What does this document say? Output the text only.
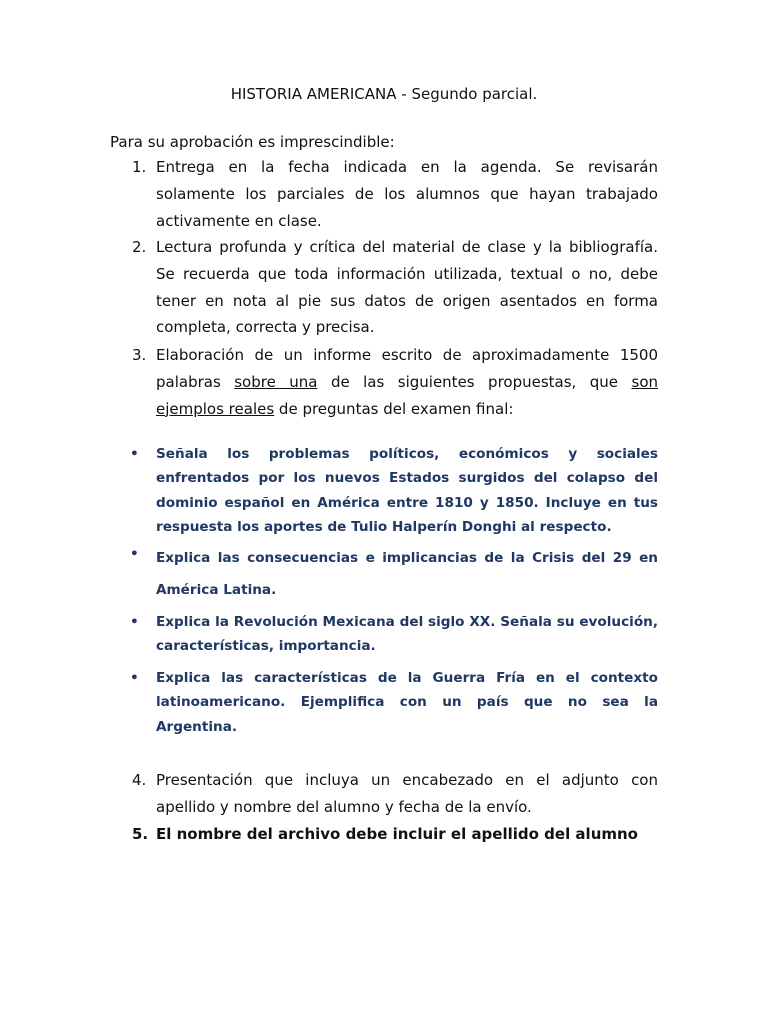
HISTORIA AMERICANA - Segundo parcial.
Para su aprobación es imprescindible:
1. Entrega en la fecha indicada en la agenda. Se revisarán solamente los parciales de los alumnos que hayan trabajado activamente en clase.
2. Lectura profunda y crítica del material de clase y la bibliografía. Se recuerda que toda información utilizada, textual o no, debe tener en nota al pie sus datos de origen asentados en forma completa, correcta y precisa.
3. Elaboración de un informe escrito de aproximadamente 1500 palabras sobre una de las siguientes propuestas, que son ejemplos reales de preguntas del examen final:
• Señala los problemas políticos, económicos y sociales enfrentados por los nuevos Estados surgidos del colapso del dominio español en América entre 1810 y 1850. Incluye en tus respuesta los aportes de Tulio Halperín Donghi al respecto.
• Explica las consecuencias e implicancias de la Crisis del 29 en América Latina.
• Explica la Revolución Mexicana del siglo XX. Señala su evolución, características, importancia.
• Explica las características de la Guerra Fría en el contexto latinoamericano. Ejemplifica con un país que no sea la Argentina.
4. Presentación que incluya un encabezado en el adjunto con apellido y nombre del alumno y fecha de la envío.
5. El nombre del archivo debe incluir el apellido del alumno
